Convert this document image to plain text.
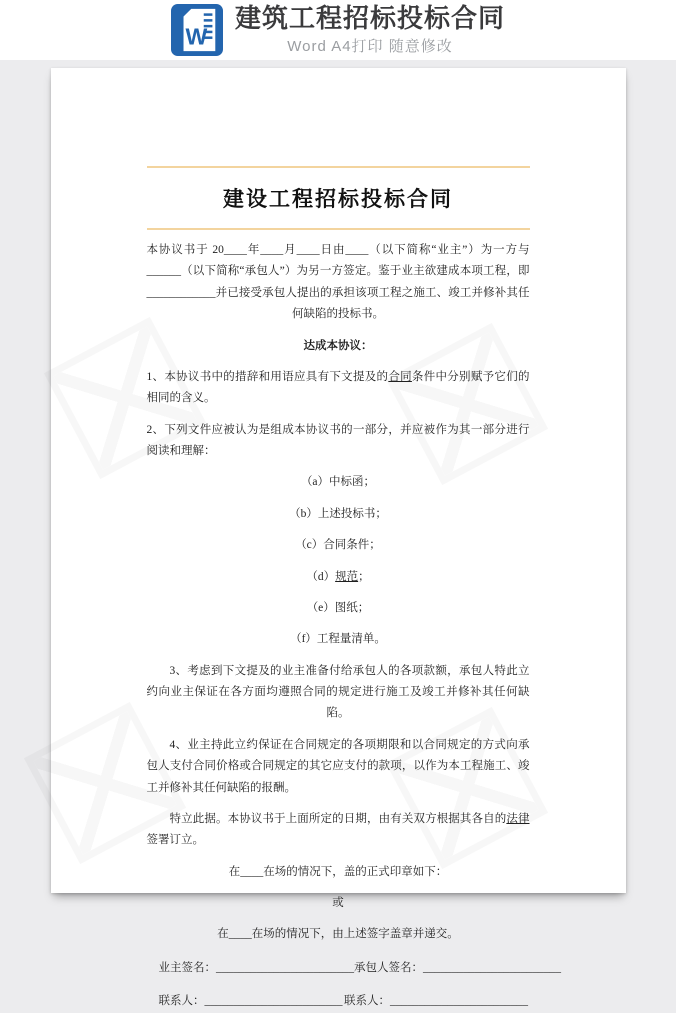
W
建筑工程招标投标合同
Word A4打印 随意修改
建设工程招标投标合同

本协议书于 20____年____月____日由____（以下简称“业主”）为一方与______（以下简称“承包人”）为另一方签定。鉴于业主欲建成本项工程，即____________并已接受承包人提出的承担该项工程之施工、竣工并修补其任何缺陷的投标书。

达成本协议：

1、本协议书中的措辞和用语应具有下文提及的合同条件中分别赋予它们的相同的含义。

2、下列文件应被认为是组成本协议书的一部分，并应被作为其一部分进行阅读和理解：

（a）中标函；

（b）上述投标书；

（c）合同条件；

（d）规范；

（e）图纸；

（f）工程量清单。

3、考虑到下文提及的业主准备付给承包人的各项款额，承包人特此立约向业主保证在各方面均遵照合同的规定进行施工及竣工并修补其任何缺陷。

4、业主持此立约保证在合同规定的各项期限和以合同规定的方式向承包人支付合同价格或合同规定的其它应支付的款项，以作为本工程施工、竣工并修补其任何缺陷的报酬。

特立此据。本协议书于上面所定的日期，由有关双方根据其各自的法律签署订立。

在____在场的情况下，盖的正式印章如下：

或

在____在场的情况下，由上述签字盖章并递交。

业主签名：________________________ 承包人签名：________________________
联系人：________________________ 联系人：________________________
